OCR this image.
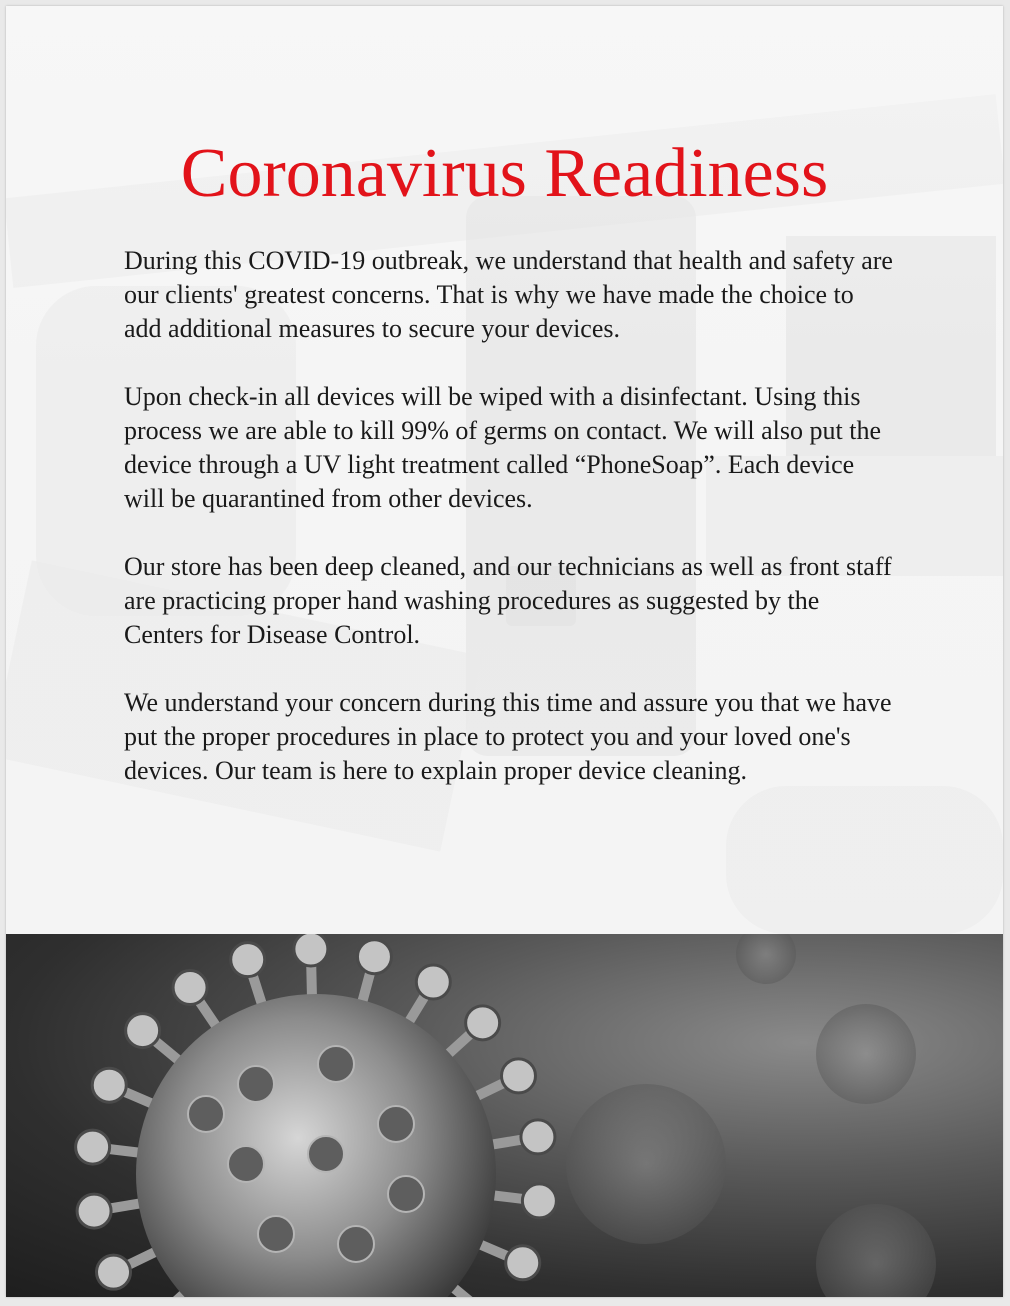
Coronavirus Readiness

During this COVID-19 outbreak, we understand that health and safety are our clients' greatest concerns. That is why we have made the choice to add additional measures to secure your devices.

Upon check-in all devices will be wiped with a disinfectant. Using this process we are able to kill 99% of germs on contact. We will also put the device through a UV light treatment called “PhoneSoap”. Each device will be quarantined from other devices.

Our store has been deep cleaned, and our technicians as well as front staff are practicing proper hand washing procedures as suggested by the Centers for Disease Control.

We understand your concern during this time and assure you that we have put the proper procedures in place to protect you and your loved one's devices. Our team is here to explain proper device cleaning.
